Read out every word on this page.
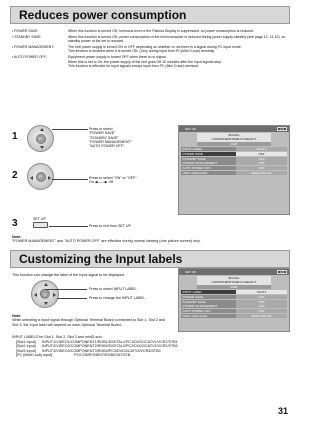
Reduces power consumption
• POWER SAVE:	When this function is turned ON, luminous level of the Plasma Display is suppressed, so power consumption is reduced.

• STANDBY SAVE:	When this function is turned ON, power consumption of the microcomputer is reduced during power supply standby (see page 12, 14-15), so standby power of the set is reduced.

• POWER MANAGEMENT:	The unit power supply is turned ON or OFF depending on whether or not there is a signal during PC input mode.

This function is enabled when it is turned ON. (Only during input from PC(Mini D-sub) terminal)

• AUTO POWER OFF:	Equipment power supply is turned OFF when there is no signal.

When this is set to On, the power supply of the unit goes Off 10 minutes after the input signals stop.

This function is effective for input signals except input from PC (Mini D-sub) terminal.

1	R
Press to select
"POWER SAVE"
"STANDBY SAVE"
"POWER MANAGEMENT"
"AUTO POWER OFF".
2	R	Press to select "ON" or "OFF".
On ◀——▶ Off
3	SET UP
Press to exit from SET UP.
SET UP	1/2
SIGNAL
COMPONENT/RGB-IN SELECT
RGB
INPUT LABEL	SLOT1
POWER SAVE	OFF
STANDBY SAVE	OFF
POWER MANAGEMENT	OFF
AUTO POWER OFF	OFF
OSD LANGUAGE	ENGLISH(US)
Note:
"POWER MANAGEMENT" and "AUTO POWER OFF" are effective during normal viewing (one picture screen) only.
Customizing the Input labels
This function can change the label of the Input signal to be displayed.
R
Press to select INPUT LABEL.
Press to change the INPUT LABEL.
SET UP	1/2
SIGNAL
COMPONENT/RGB-IN SELECT
RGB
INPUT LABEL	SLOT1
POWER SAVE	OFF
STANDBY SAVE	OFF
POWER MANAGEMENT	OFF
AUTO POWER OFF	OFF
OSD LANGUAGE	ENGLISH(US)
Note:
While selecting a Input signal through Optional Terminal Board connected to Slot 1, Slot 2 and Slot 3, the Input label will depend on each Optional Terminal Board.
INPUT LABELS for Slot 1, Slot 2, Slot 3 and miniD-sub:
[Slot1 Input]	INPUT1/VIDEO1/COMPONENT1/RGB1/DIGITAL1/PC1/DVD1/CATV1/VCR1/STB1
[Slot2 Input]	INPUT2/VIDEO2/COMPONENT2/RGB2/DIGITAL2/PC2/DVD2/CATV2/VCR2/STB2
[Slot3 Input]	INPUT3/VIDEO3/COMPONENT3/RGB3/PC3/DVD3/CATV3/VCR3/STB3
[PC (MiniD-sub) input]	PC/COMPONENT/RGB/DVD/STB
31
